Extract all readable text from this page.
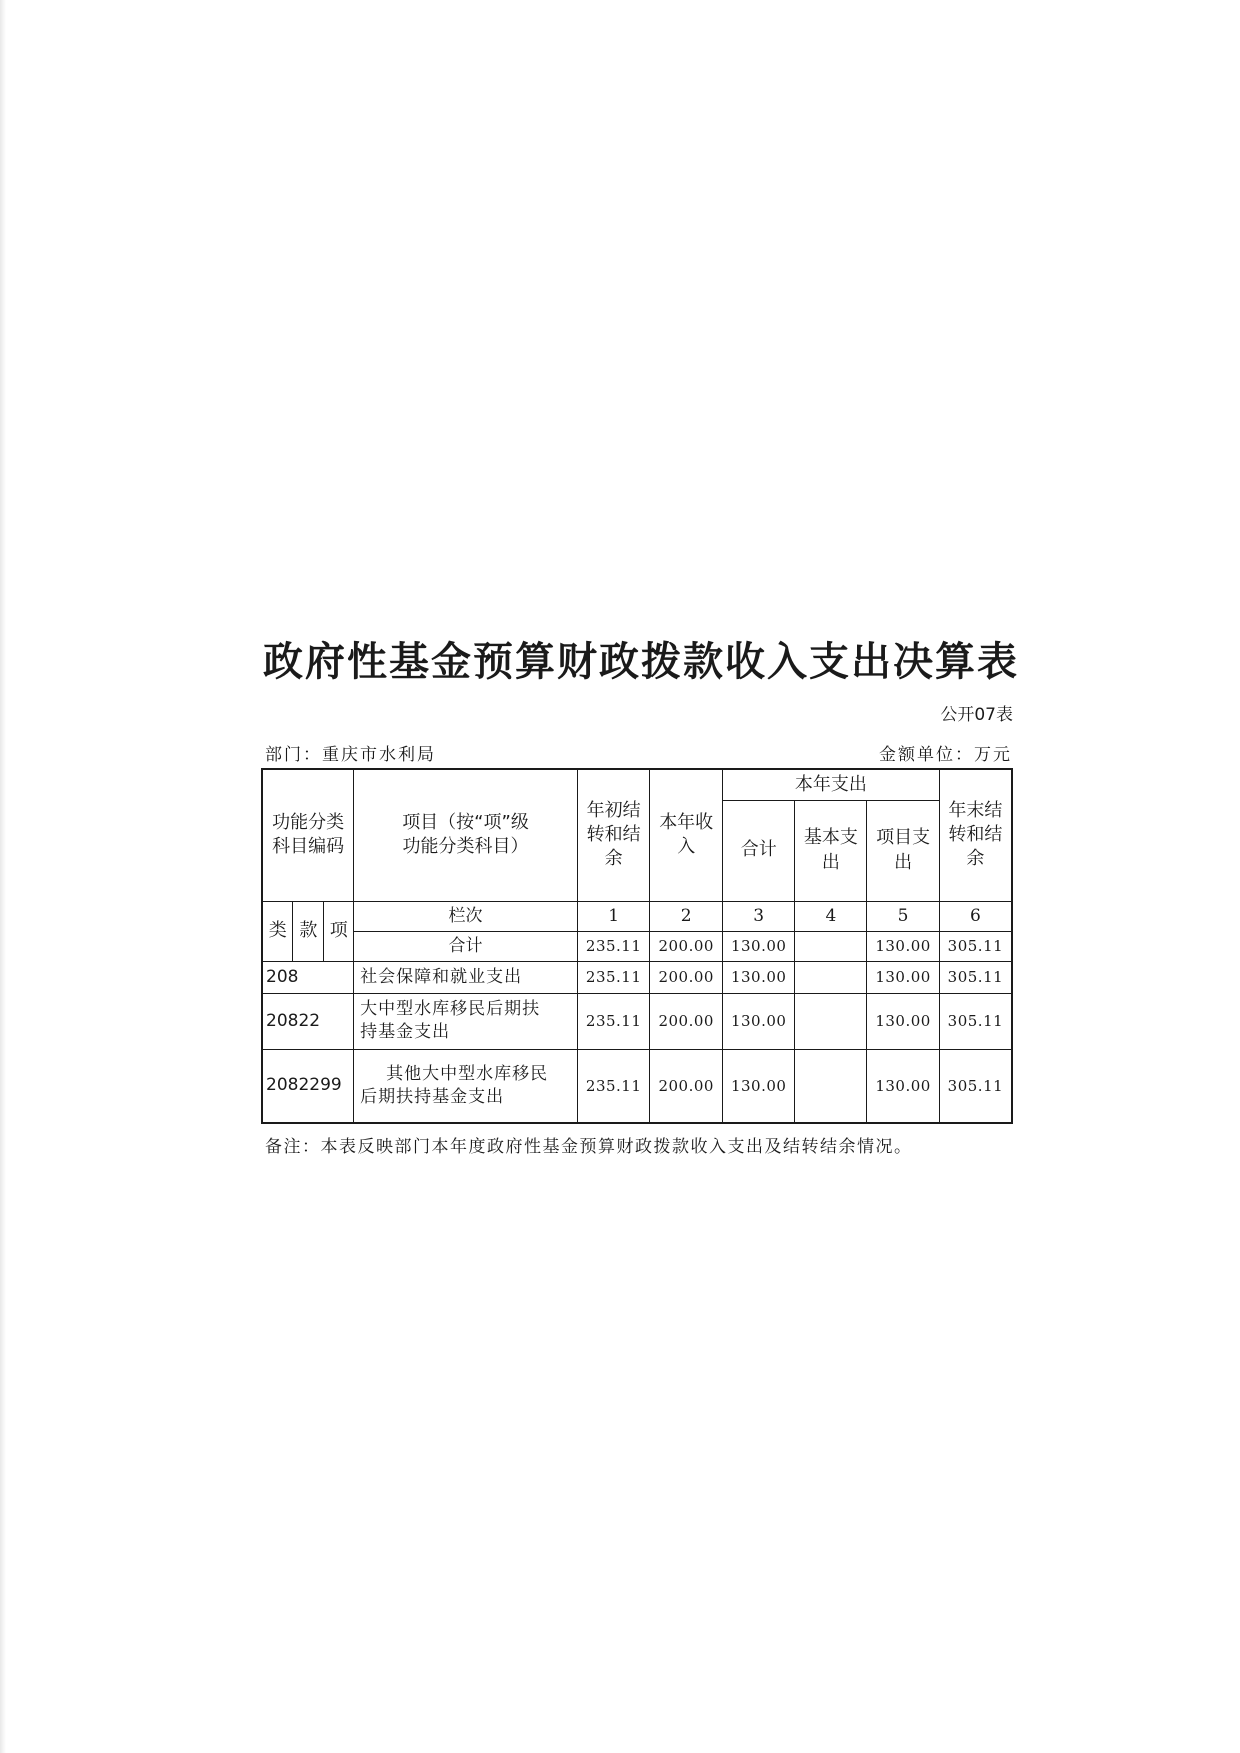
政府性基金预算财政拨款收入支出决算表
公开07表
部门：重庆市水利局	金额单位：万元
功能分类科目编码			项目（按“项”级功能分类科目）	年初结转和结余	本年收入	本年支出			年末结转和结余
						合计	基本支出	项目支出	
类	款	项	栏次	1	2	3	4	5	6
			合计	235.11	200.00	130.00		130.00	305.11
208			社会保障和就业支出	235.11	200.00	130.00		130.00	305.11
20822			大中型水库移民后期扶
持基金支出	235.11	200.00	130.00		130.00	305.11
2082299			其他大中型水库移民
后期扶持基金支出	235.11	200.00	130.00		130.00	305.11
备注：本表反映部门本年度政府性基金预算财政拨款收入支出及结转结余情况。
